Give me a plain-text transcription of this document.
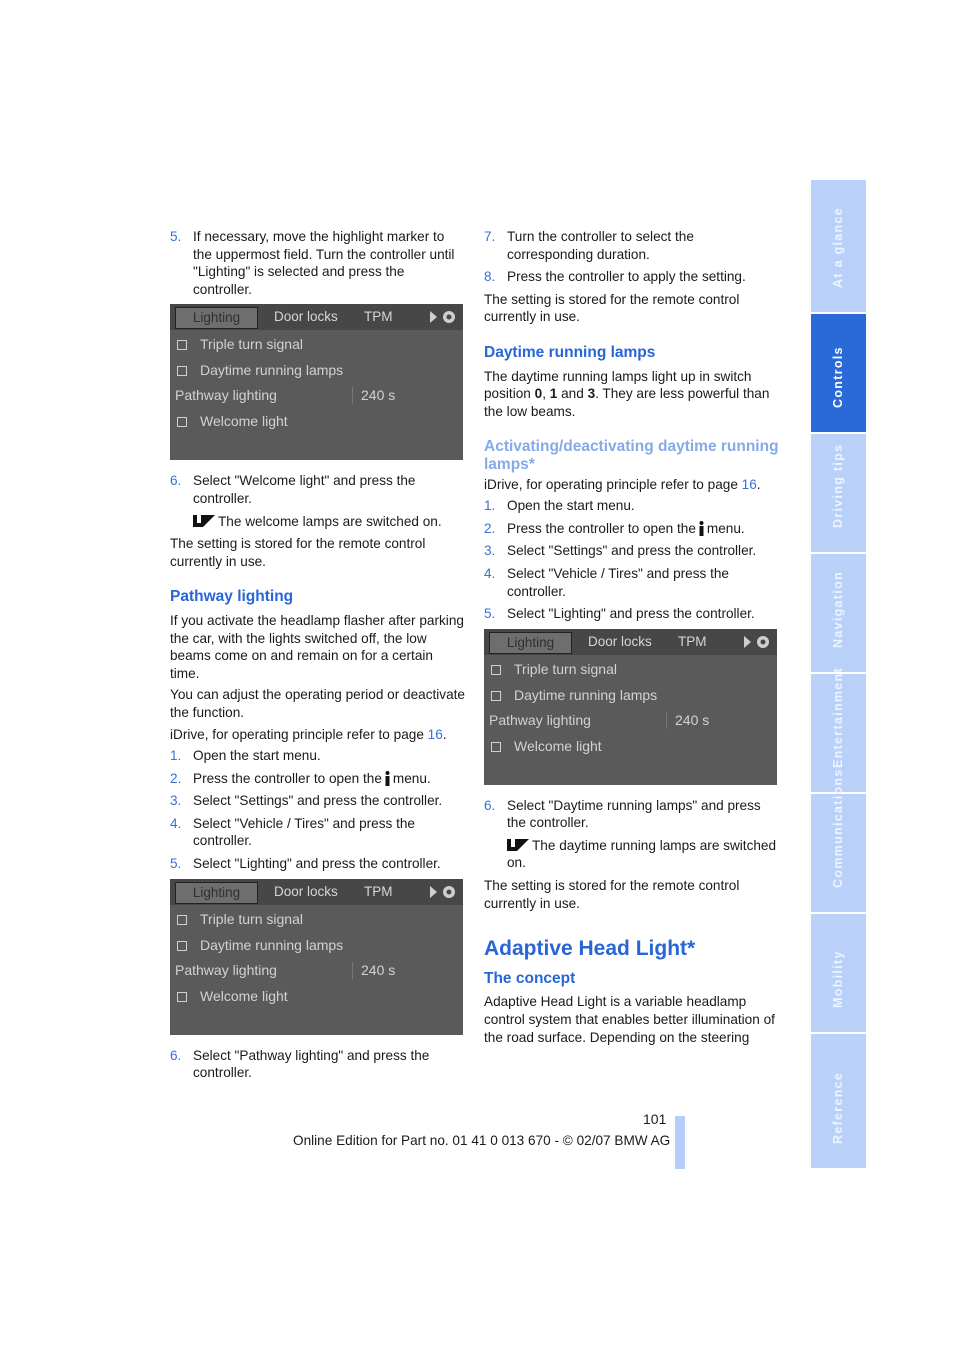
5. If necessary, move the highlight marker to the uppermost field. Turn the controller until "Lighting" is selected and press the controller.
Lighting	Door locks TPM
Triple turn signal
Daytime running lamps
Pathway lighting	240 s
Welcome light
6. Select "Welcome light" and press the controller.
The welcome lamps are switched on.

The setting is stored for the remote control currently in use.

Pathway lighting

If you activate the headlamp flasher after parking the car, with the lights switched off, the low beams come on and remain on for a certain time.

You can adjust the operating period or deactivate the function.

iDrive, for operating principle refer to page 16.

1. Open the start menu.
2. Press the controller to open the menu.
3. Select "Settings" and press the controller.
4. Select "Vehicle / Tires" and press the controller.
5. Select "Lighting" and press the controller.
Lighting	Door locks TPM
Triple turn signal
Daytime running lamps
Pathway lighting	240 s
Welcome light
6. Select "Pathway lighting" and press the controller.
7. Turn the controller to select the corresponding duration.
8. Press the controller to apply the setting.

The setting is stored for the remote control currently in use.

Daytime running lamps

The daytime running lamps light up in switch position 0, 1 and 3. They are less powerful than the low beams.

Activating/deactivating daytime running lamps*

iDrive, for operating principle refer to page 16.

1. Open the start menu.
2. Press the controller to open the menu.
3. Select "Settings" and press the controller.
4. Select "Vehicle / Tires" and press the controller.
5. Select "Lighting" and press the controller.
Lighting	Door locks TPM
Triple turn signal
Daytime running lamps
Pathway lighting	240 s
Welcome light
6. Select "Daytime running lamps" and press the controller.
The daytime running lamps are switched on.

The setting is stored for the remote control currently in use.

Adaptive Head Light*
The concept

Adaptive Head Light is a variable headlamp control system that enables better illumination of the road surface. Depending on the steering

101
Online Edition for Part no. 01 41 0 013 670 - © 02/07 BMW AG
At a glance
Controls
Driving tips
Navigation
Entertainment
Communications
Mobility
Reference
